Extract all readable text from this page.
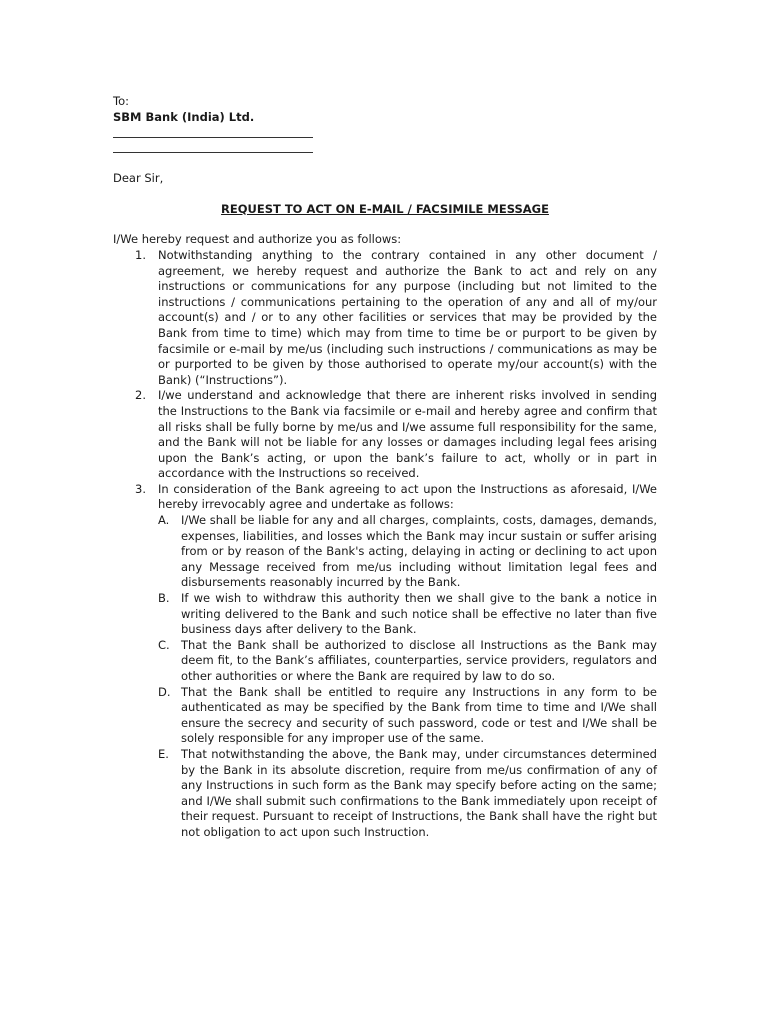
To:

SBM Bank (India) Ltd.

Dear Sir,

REQUEST TO ACT ON E-MAIL / FACSIMILE MESSAGE

I/We hereby request and authorize you as follows:

1. Notwithstanding anything to the contrary contained in any other document / agreement, we hereby request and authorize the Bank to act and rely on any instructions or communications for any purpose (including but not limited to the instructions / communications pertaining to the operation of any and all of my/our account(s) and / or to any other facilities or services that may be provided by the Bank from time to time) which may from time to time be or purport to be given by facsimile or e-mail by me/us (including such instructions / communications as may be or purported to be given by those authorised to operate my/our account(s) with the Bank) (“Instructions”).
2. I/we understand and acknowledge that there are inherent risks involved in sending the Instructions to the Bank via facsimile or e-mail and hereby agree and confirm that all risks shall be fully borne by me/us and I/we assume full responsibility for the same, and the Bank will not be liable for any losses or damages including legal fees arising upon the Bank’s acting, or upon the bank’s failure to act, wholly or in part in accordance with the Instructions so received.
3. In consideration of the Bank agreeing to act upon the Instructions as aforesaid, I/We hereby irrevocably agree and undertake as follows:
A. I/We shall be liable for any and all charges, complaints, costs, damages, demands, expenses, liabilities, and losses which the Bank may incur sustain or suffer arising from or by reason of the Bank's acting, delaying in acting or declining to act upon any Message received from me/us including without limitation legal fees and disbursements reasonably incurred by the Bank.
B. If we wish to withdraw this authority then we shall give to the bank a notice in writing delivered to the Bank and such notice shall be effective no later than five business days after delivery to the Bank.
C. That the Bank shall be authorized to disclose all Instructions as the Bank may deem fit, to the Bank’s affiliates, counterparties, service providers, regulators and other authorities or where the Bank are required by law to do so.
D. That the Bank shall be entitled to require any Instructions in any form to be authenticated as may be specified by the Bank from time to time and I/We shall ensure the secrecy and security of such password, code or test and I/We shall be solely responsible for any improper use of the same.
E. That notwithstanding the above, the Bank may, under circumstances determined by the Bank in its absolute discretion, require from me/us confirmation of any of any Instructions in such form as the Bank may specify before acting on the same; and I/We shall submit such confirmations to the Bank immediately upon receipt of their request. Pursuant to receipt of Instructions, the Bank shall have the right but not obligation to act upon such Instruction.
